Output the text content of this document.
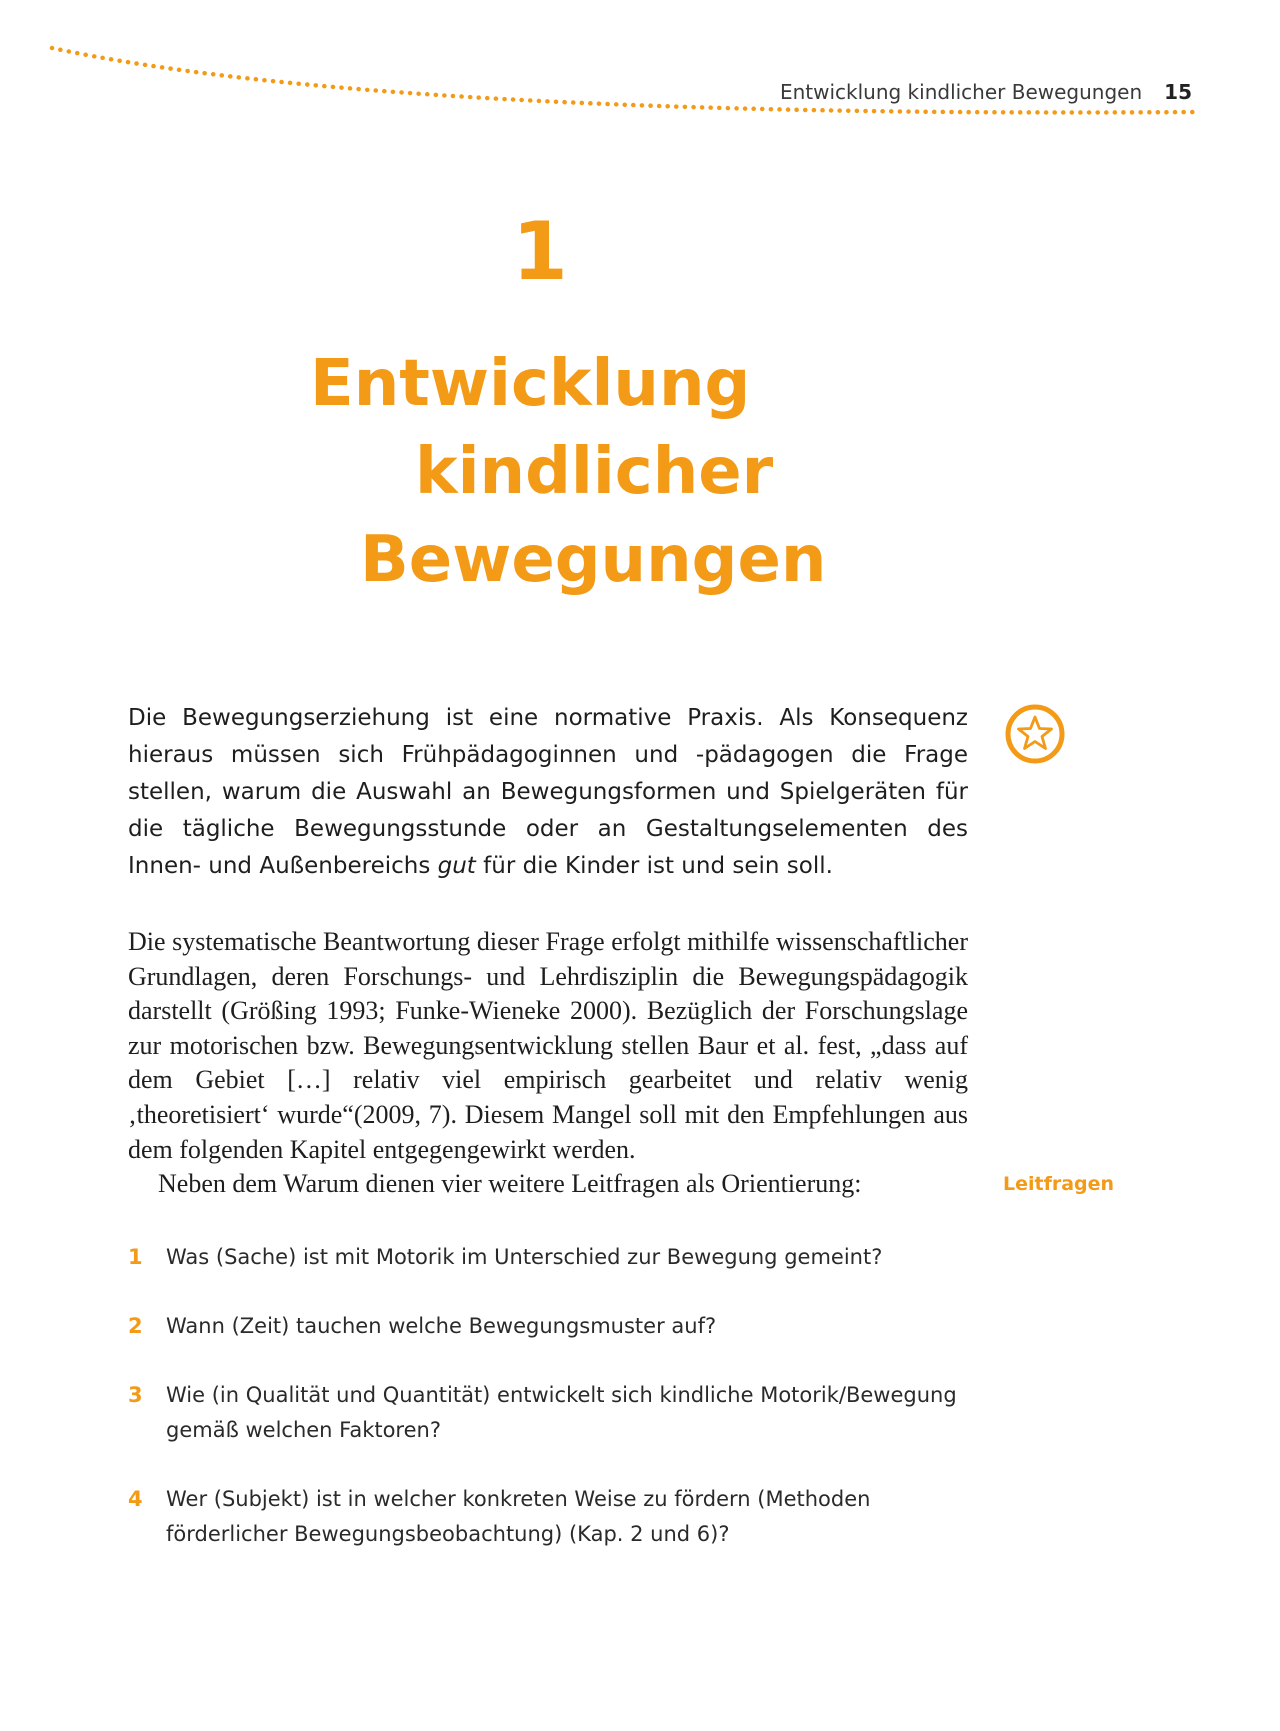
Entwicklung kindlicher Bewegungen 15
1
Entwicklung
kindlicher
Bewegungen

Die Bewegungserziehung ist eine normative Praxis. Als Konsequenz hieraus müssen sich Frühpädagoginnen und -pädagogen die Frage stellen, warum die Auswahl an Bewegungsformen und Spielgeräten für die tägliche Bewegungsstunde oder an Gestaltungselementen des Innen- und Außenbereichs gut für die Kinder ist und sein soll.

Die systematische Beantwortung dieser Frage erfolgt mithilfe wissenschaftlicher Grundlagen, deren Forschungs- und Lehrdisziplin die Bewegungspädagogik darstellt (Größing 1993; Funke-Wieneke 2000). Bezüglich der Forschungslage zur motorischen bzw. Bewegungsentwicklung stellen Baur et al. fest, „dass auf dem Gebiet […] relativ viel empirisch gearbeitet und relativ wenig ‚theoretisiert‘ wurde“(2009, 7). Diesem Mangel soll mit den Empfehlungen aus dem folgenden Kapitel entgegengewirkt werden.
Neben dem Warum dienen vier weitere Leitfragen als Orientierung:	Leitfragen
1 Was (Sache) ist mit Motorik im Unterschied zur Bewegung gemeint?
2 Wann (Zeit) tauchen welche Bewegungsmuster auf?
3 Wie (in Qualität und Quantität) entwickelt sich kindliche Motorik/Bewegung gemäß welchen Faktoren?
4 Wer (Subjekt) ist in welcher konkreten Weise zu fördern (Methoden förderlicher Bewegungsbeobachtung) (Kap. 2 und 6)?
